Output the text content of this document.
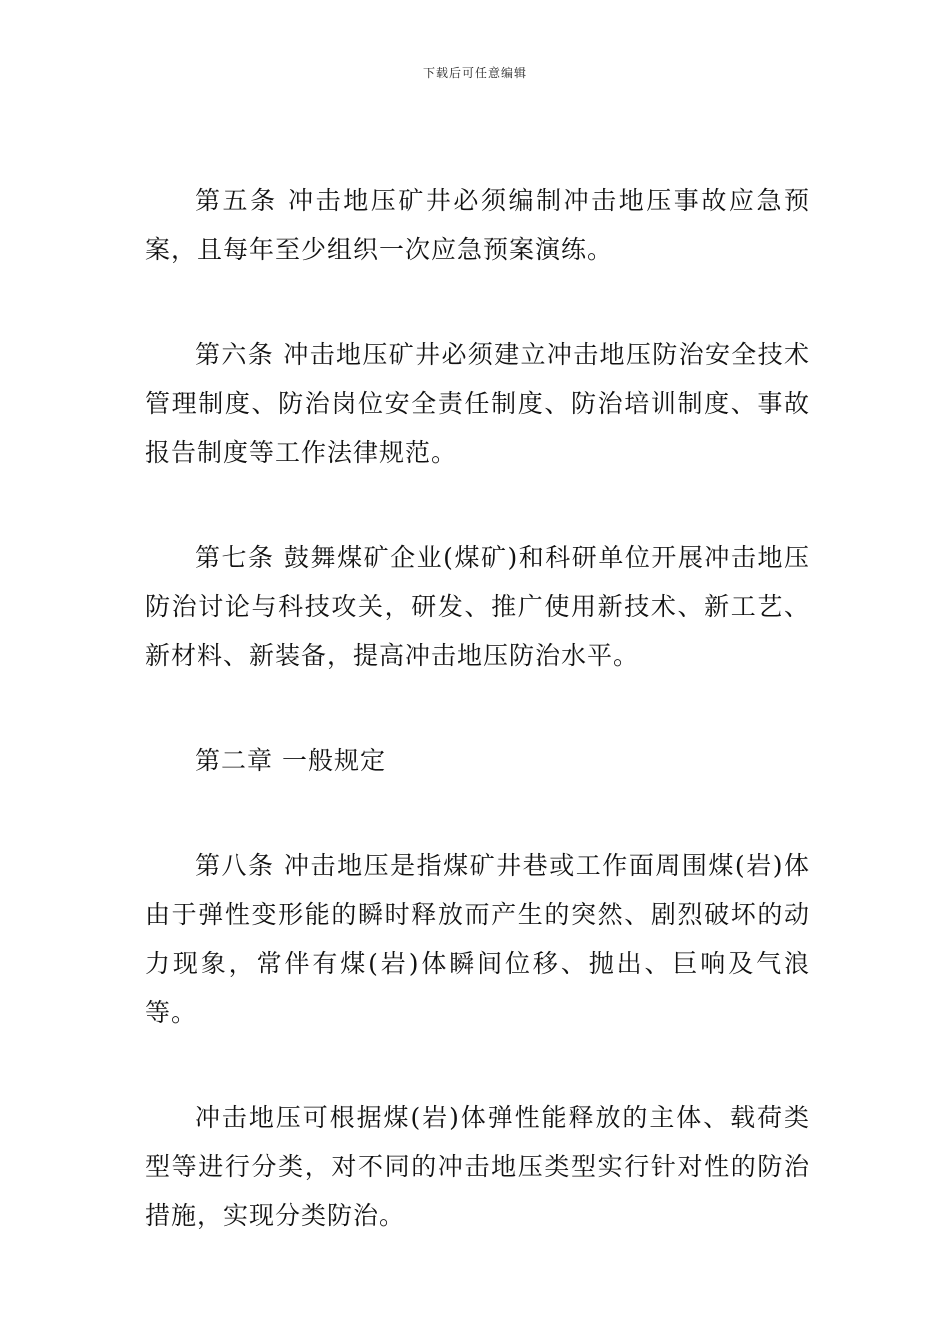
下载后可任意编辑

第五条 冲击地压矿井必须编制冲击地压事故应急预案，且每年至少组织一次应急预案演练。

第六条 冲击地压矿井必须建立冲击地压防治安全技术管理制度、防治岗位安全责任制度、防治培训制度、事故报告制度等工作法律规范。

第七条 鼓舞煤矿企业(煤矿)和科研单位开展冲击地压防治讨论与科技攻关，研发、推广使用新技术、新工艺、新材料、新装备，提高冲击地压防治水平。

第二章 一般规定

第八条 冲击地压是指煤矿井巷或工作面周围煤(岩)体由于弹性变形能的瞬时释放而产生的突然、剧烈破坏的动力现象，常伴有煤(岩)体瞬间位移、抛出、巨响及气浪等。

冲击地压可根据煤(岩)体弹性能释放的主体、载荷类型等进行分类，对不同的冲击地压类型实行针对性的防治措施，实现分类防治。
